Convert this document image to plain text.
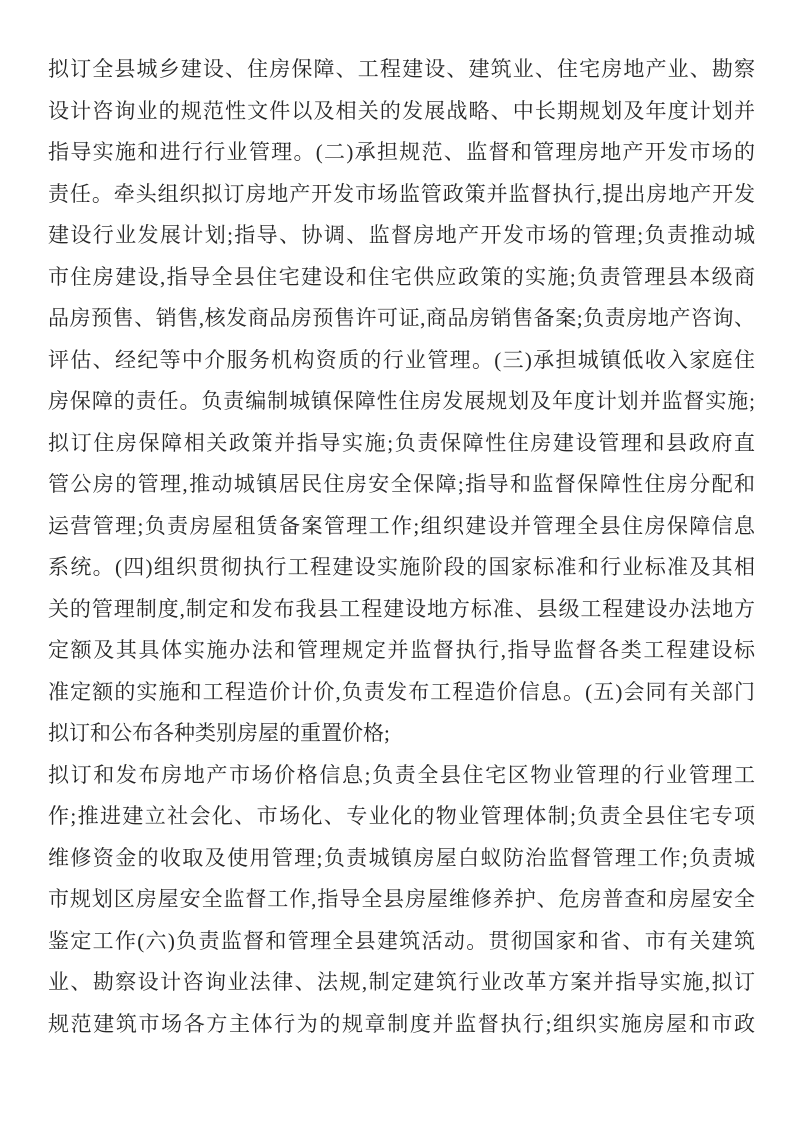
拟订全县城乡建设、住房保障、工程建设、建筑业、住宅房地产业、勘察
设计咨询业的规范性文件以及相关的发展战略、中长期规划及年度计划并
指导实施和进行行业管理。(二)承担规范、监督和管理房地产开发市场的
责任。牵头组织拟订房地产开发市场监管政策并监督执行,提出房地产开发
建设行业发展计划;指导、协调、监督房地产开发市场的管理;负责推动城
市住房建设,指导全县住宅建设和住宅供应政策的实施;负责管理县本级商
品房预售、销售,核发商品房预售许可证,商品房销售备案;负责房地产咨询、
评估、经纪等中介服务机构资质的行业管理。(三)承担城镇低收入家庭住
房保障的责任。负责编制城镇保障性住房发展规划及年度计划并监督实施;
拟订住房保障相关政策并指导实施;负责保障性住房建设管理和县政府直
管公房的管理,推动城镇居民住房安全保障;指导和监督保障性住房分配和
运营管理;负责房屋租赁备案管理工作;组织建设并管理全县住房保障信息
系统。(四)组织贯彻执行工程建设实施阶段的国家标准和行业标准及其相
关的管理制度,制定和发布我县工程建设地方标准、县级工程建设办法地方
定额及其具体实施办法和管理规定并监督执行,指导监督各类工程建设标
准定额的实施和工程造价计价,负责发布工程造价信息。(五)会同有关部门
拟订和公布各种类别房屋的重置价格;
拟订和发布房地产市场价格信息;负责全县住宅区物业管理的行业管理工
作;推进建立社会化、市场化、专业化的物业管理体制;负责全县住宅专项
维修资金的收取及使用管理;负责城镇房屋白蚁防治监督管理工作;负责城
市规划区房屋安全监督工作,指导全县房屋维修养护、危房普查和房屋安全
鉴定工作(六)负责监督和管理全县建筑活动。贯彻国家和省、市有关建筑
业、勘察设计咨询业法律、法规,制定建筑行业改革方案并指导实施,拟订
规范建筑市场各方主体行为的规章制度并监督执行;组织实施房屋和市政
